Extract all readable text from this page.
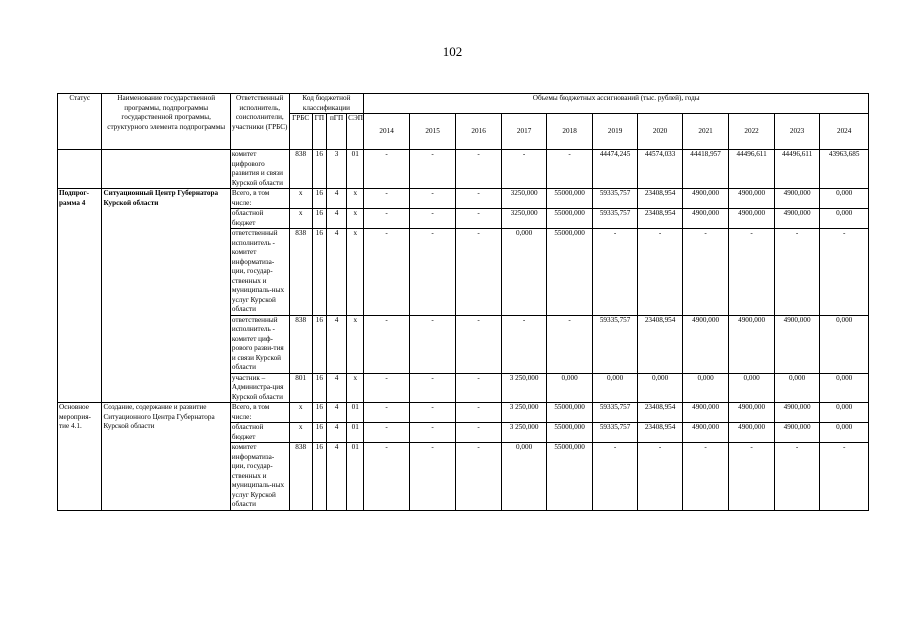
102
Статус	Наименование государственной программы, подпрограммы государственной программы, структурного элемента подпрограммы	Ответственный исполнитель, соисполнители, участники (ГРБС)	Код бюджетной классификации				Объемы бюджетных ассигнований (тыс. рублей), годы										
			ГРБС	ГП	пГП	СЭП	2014	2015	2016	2017	2018	2019	2020	2021	2022	2023	2024
		комитет цифрового развития и связи Курской области	838	16	3	01	-	-	-	-	-	44474,245	44574,033	44418,957	44496,611	44496,611	43963,685
Подпрог-рамма 4	Ситуационный Центр Губернатора Курской области	Всего, в том числе:	х	16	4	х	-	-	-	3250,000	55000,000	59335,757	23408,954	4900,000	4900,000	4900,000	0,000
		областной бюджет	х	16	4	х	-	-	-	3250,000	55000,000	59335,757	23408,954	4900,000	4900,000	4900,000	0,000
		ответственный исполнитель - комитет информатиза-ции, государ-ственных и муниципаль-ных услуг Курской области	838	16	4	х	-	-	-	0,000	55000,000	-	-	-	-	-	-
		ответственный исполнитель - комитет циф-рового разви-тия и связи Курской области	838	16	4	х	-	-	-	-	-	59335,757	23408,954	4900,000	4900,000	4900,000	0,000
		участник – Администра-ция Курской области	801	16	4	х	-	-	-	3 250,000	0,000	0,000	0,000	0,000	0,000	0,000	0,000
Основное мероприя-тие 4.1.	Создание, содержание и развитие Ситуационного Центра Губернатора Курской области	Всего, в том числе:	х	16	4	01	-	-	-	3 250,000	55000,000	59335,757	23408,954	4900,000	4900,000	4900,000	0,000
		областной бюджет	х	16	4	01	-	-	-	3 250,000	55000,000	59335,757	23408,954	4900,000	4900,000	4900,000	0,000
		комитет информатиза-ции, государ-ственных и муниципаль-ных услуг Курской области	838	16	4	01	-	-	-	0,000	55000,000	-	-	-	-	-	-
